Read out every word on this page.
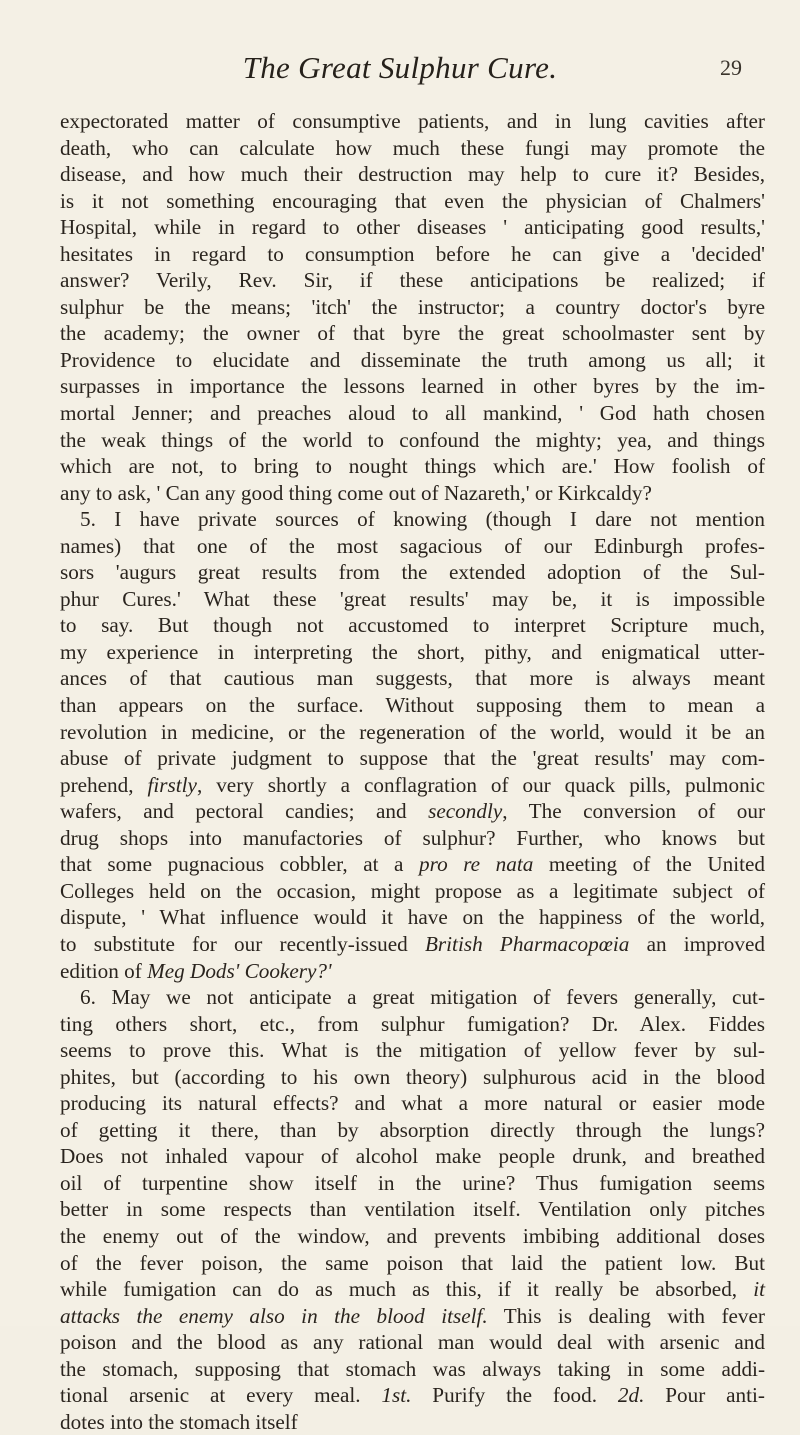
The Great Sulphur Cure.	29
expectorated matter of consumptive patients, and in lung cavities after
death, who can calculate how much these fungi may promote the
disease, and how much their destruction may help to cure it? Besides,
is it not something encouraging that even the physician of Chalmers'
Hospital, while in regard to other diseases ' anticipating good results,'
hesitates in regard to consumption before he can give a 'decided'
answer? Verily, Rev. Sir, if these anticipations be realized; if
sulphur be the means; 'itch' the instructor; a country doctor's byre
the academy; the owner of that byre the great schoolmaster sent by
Providence to elucidate and disseminate the truth among us all; it
surpasses in importance the lessons learned in other byres by the im-
mortal Jenner; and preaches aloud to all mankind, ' God hath chosen
the weak things of the world to confound the mighty; yea, and things
which are not, to bring to nought things which are.' How foolish of
any to ask, ' Can any good thing come out of Nazareth,' or Kirkcaldy?
5. I have private sources of knowing (though I dare not mention
names) that one of the most sagacious of our Edinburgh profes-
sors 'augurs great results from the extended adoption of the Sul-
phur Cures.' What these 'great results' may be, it is impossible
to say. But though not accustomed to interpret Scripture much,
my experience in interpreting the short, pithy, and enigmatical utter-
ances of that cautious man suggests, that more is always meant
than appears on the surface. Without supposing them to mean a
revolution in medicine, or the regeneration of the world, would it be an
abuse of private judgment to suppose that the 'great results' may com-
prehend, firstly, very shortly a conflagration of our quack pills, pulmonic
wafers, and pectoral candies; and secondly, The conversion of our
drug shops into manufactories of sulphur? Further, who knows but
that some pugnacious cobbler, at a pro re nata meeting of the United
Colleges held on the occasion, might propose as a legitimate subject of
dispute, ' What influence would it have on the happiness of the world,
to substitute for our recently-issued British Pharmacopœia an improved
edition of Meg Dods' Cookery?'
6. May we not anticipate a great mitigation of fevers generally, cut-
ting others short, etc., from sulphur fumigation? Dr. Alex. Fiddes
seems to prove this. What is the mitigation of yellow fever by sul-
phites, but (according to his own theory) sulphurous acid in the blood
producing its natural effects? and what a more natural or easier mode
of getting it there, than by absorption directly through the lungs?
Does not inhaled vapour of alcohol make people drunk, and breathed
oil of turpentine show itself in the urine? Thus fumigation seems
better in some respects than ventilation itself. Ventilation only pitches
the enemy out of the window, and prevents imbibing additional doses
of the fever poison, the same poison that laid the patient low. But
while fumigation can do as much as this, if it really be absorbed, it
attacks the enemy also in the blood itself. This is dealing with fever
poison and the blood as any rational man would deal with arsenic and
the stomach, supposing that stomach was always taking in some addi-
tional arsenic at every meal. 1st. Purify the food. 2d. Pour anti-
dotes into the stomach itself
